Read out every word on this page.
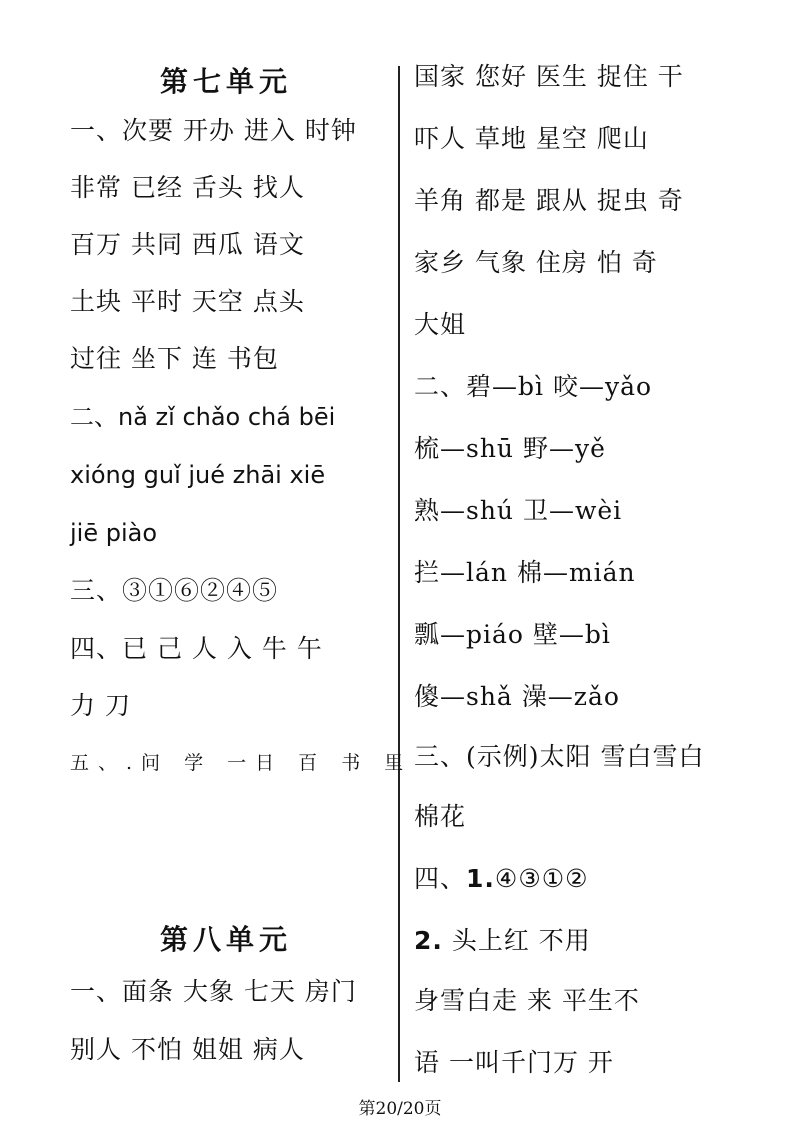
第七单元
一、次要 开办 进入 时钟
非常 已经 舌头 找人
百万 共同 西瓜 语文
土块 平时 天空 点头
过往 坐下 连 书包
二、nǎ zǐ chǎo chá bēi
xióng guǐ jué zhāi xiē
jiē piào
三、③①⑥②④⑤
四、已 己 人 入 牛 午
力 刀
五、.问 学 一日 百 书 里
第八单元
一、面条 大象 七天 房门
别人 不怕 姐姐 病人
国家 您好 医生 捉住 干
吓人 草地 星空 爬山
羊角 都是 跟从 捉虫 奇
家乡 气象 住房 怕 奇
大姐
二、碧—bì 咬—yǎo
梳—shū 野—yě
熟—shú 卫—wèi
拦—lán 棉—mián
瓢—piáo 壁—bì
傻—shǎ 澡—zǎo
三、(示例)太阳 雪白雪白
棉花
四、1.④③①②
2. 头上红 不用
身雪白走 来 平生不
语 一叫千门万 开
第20/20页
